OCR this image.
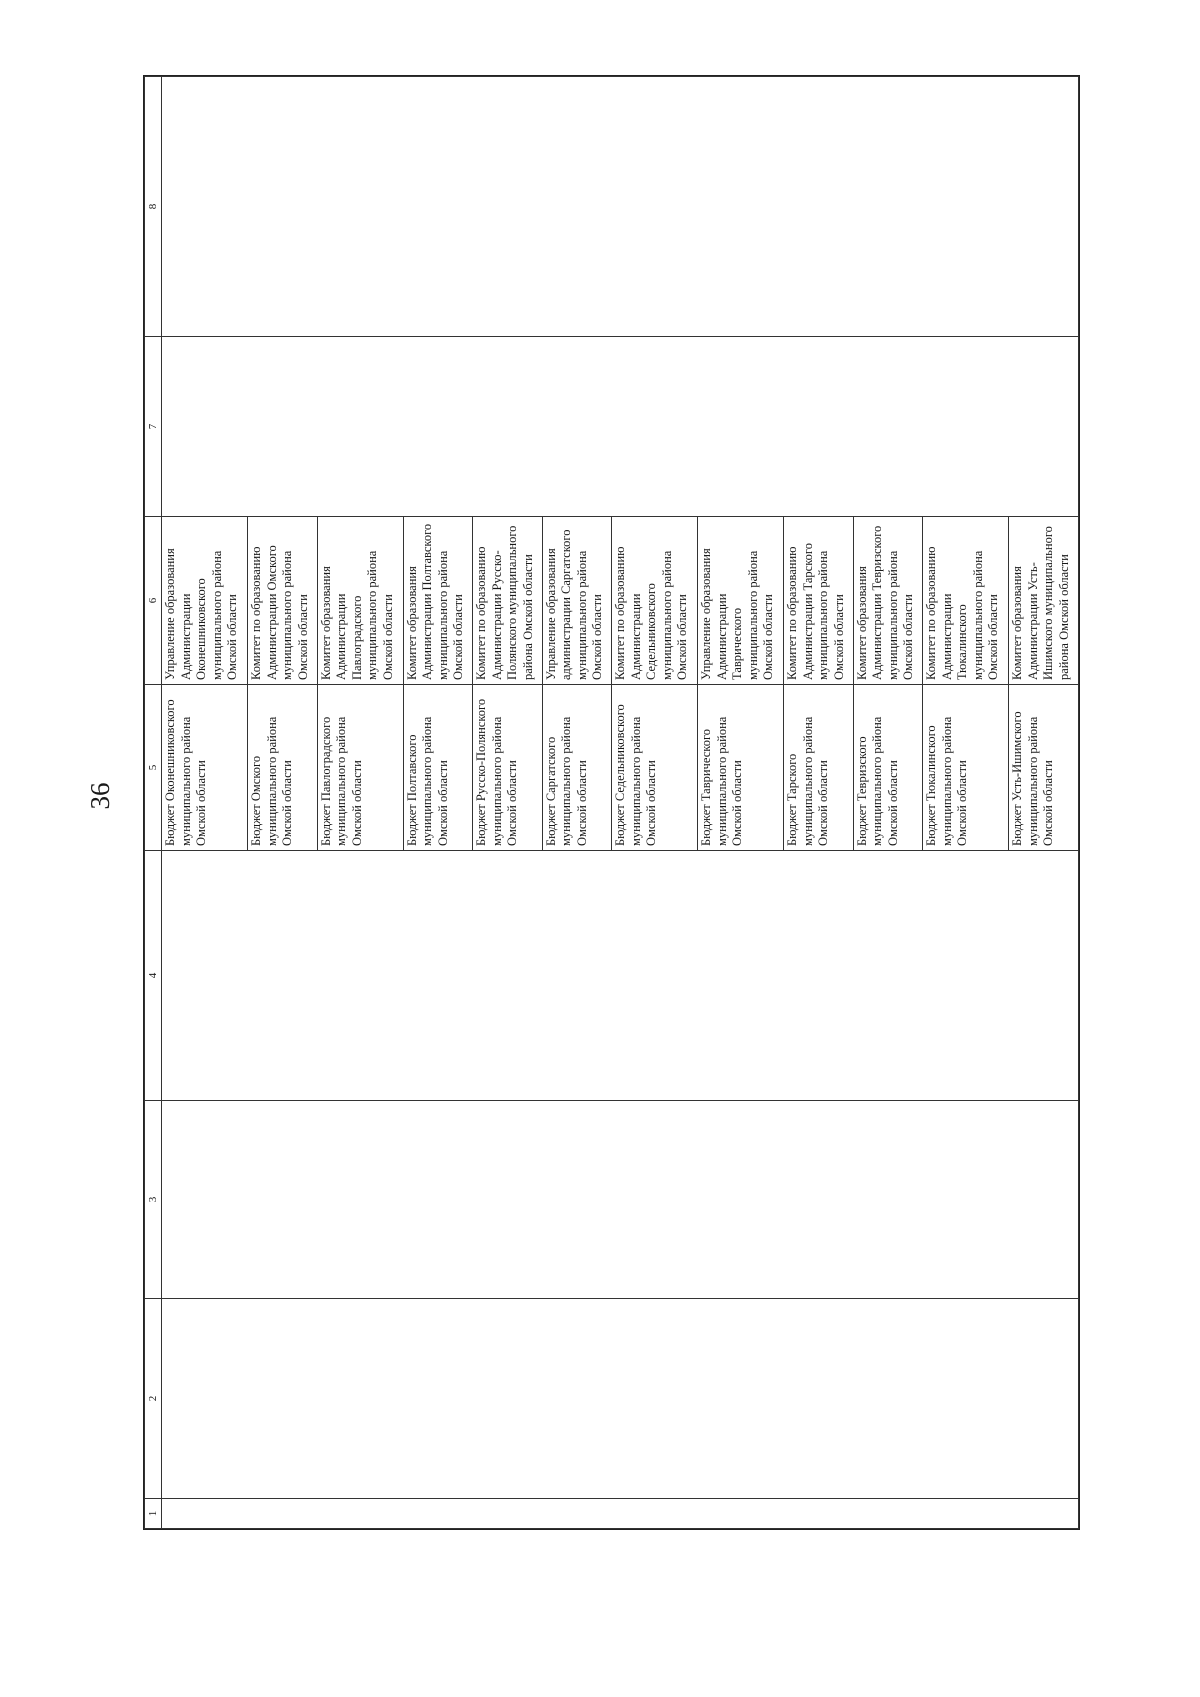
36
1	2	3	4	5	6	7	8
				Бюджет Оконешниковского муниципального района Омской области	Управление образования Администрации Оконешниковского муниципального района Омской области		
				Бюджет Омского муниципального района Омской области	Комитет по образованию Администрации Омского муниципального района Омской области		
				Бюджет Павлоградского муниципального района Омской области	Комитет образования Администрации Павлоградского муниципального района Омской области		
				Бюджет Полтавского муниципального района Омской области	Комитет образования Администрации Полтавского муниципального района Омской области		
				Бюджет Русско-Полянского муниципального района Омской области	Комитет по образованию Администрации Русско-Полянского муниципального района Омской области		
				Бюджет Саргатского муниципального района Омской области	Управление образования администрации Саргатского муниципального района Омской области		
				Бюджет Седельниковского муниципального района Омской области	Комитет по образованию Администрации Седельниковского муниципального района Омской области		
				Бюджет Таврического муниципального района Омской области	Управление образования Администрации Таврического муниципального района Омской области		
				Бюджет Тарского муниципального района Омской области	Комитет по образованию Администрации Тарского муниципального района Омской области		
				Бюджет Тевризского муниципального района Омской области	Комитет образования Администрации Тевризского муниципального района Омской области		
				Бюджет Тюкалинского муниципального района Омской области	Комитет по образованию Администрации Тюкалинского муниципального района Омской области		
				Бюджет Усть-Ишимского муниципального района Омской области	Комитет образования Администрации Усть-Ишимского муниципального района Омской области		
